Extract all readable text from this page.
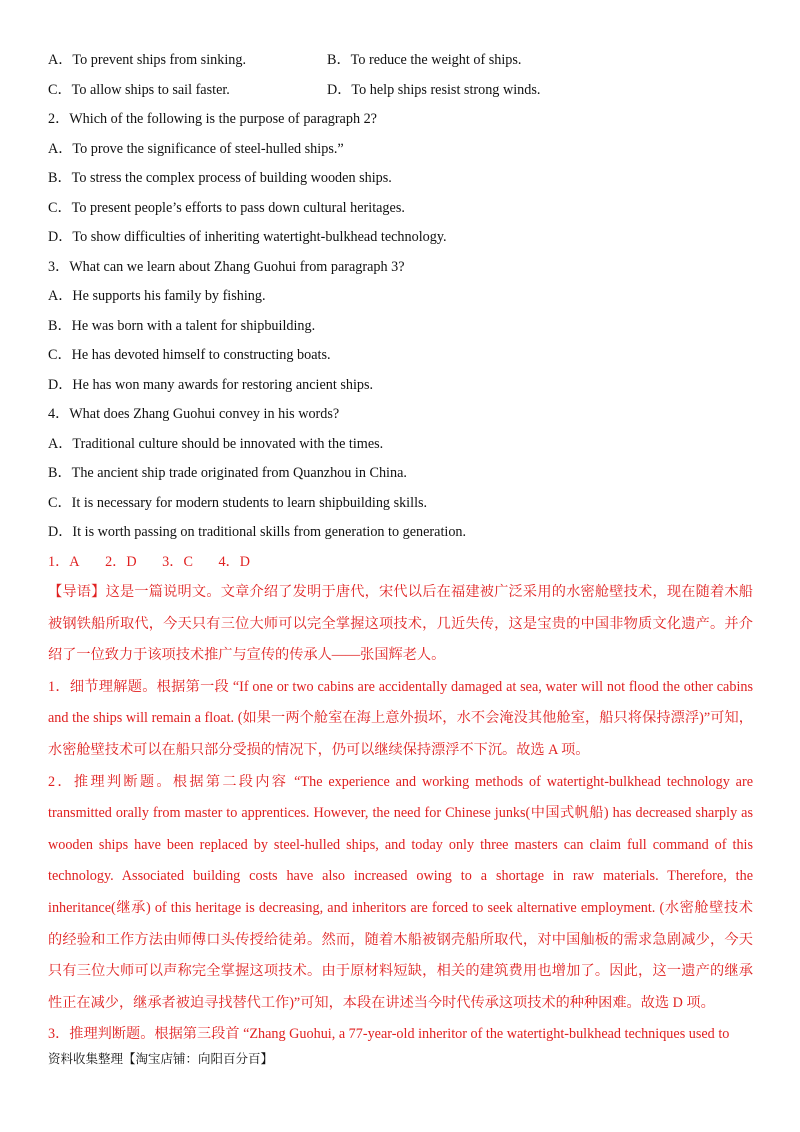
A．To prevent ships from sinking.	B．To reduce the weight of ships.
C．To allow ships to sail faster.	D．To help ships resist strong winds.
2．Which of the following is the purpose of paragraph 2?
A．To prove the significance of steel-hulled ships.”
B．To stress the complex process of building wooden ships.
C．To present people’s efforts to pass down cultural heritages.
D．To show difficulties of inheriting watertight-bulkhead technology.
3．What can we learn about Zhang Guohui from paragraph 3?
A．He supports his family by fishing.
B．He was born with a talent for shipbuilding.
C．He has devoted himself to constructing boats.
D．He has won many awards for restoring ancient ships.
4．What does Zhang Guohui convey in his words?
A．Traditional culture should be innovated with the times.
B．The ancient ship trade originated from Quanzhou in China.
C．It is necessary for modern students to learn shipbuilding skills.
D．It is worth passing on traditional skills from generation to generation.
1．A 2．D 3．C 4．D
【导语】这是一篇说明文。文章介绍了发明于唐代，宋代以后在福建被广泛采用的水密舱壁技术，现在随着木船被钢铁船所取代，今天只有三位大师可以完全掌握这项技术，几近失传，这是宝贵的中国非物质文化遗产。并介绍了一位致力于该项技术推广与宣传的传承人——张国辉老人。
1．细节理解题。根据第一段 “If one or two cabins are accidentally damaged at sea, water will not flood the other cabins and the ships will remain a float. (如果一两个舱室在海上意外损坏，水不会淹没其他舱室，船只将保持漂浮)”可知，水密舱壁技术可以在船只部分受损的情况下，仍可以继续保持漂浮不下沉。故选 A 项。
2．推理判断题。根据第二段内容 “The experience and working methods of watertight-bulkhead technology are transmitted orally from master to apprentices. However, the need for Chinese junks(中国式帆船) has decreased sharply as wooden ships have been replaced by steel-hulled ships, and today only three masters can claim full command of this technology. Associated building costs have also increased owing to a shortage in raw materials. Therefore, the inheritance(继承) of this heritage is decreasing, and inheritors are forced to seek alternative employment. (水密舱壁技术的经验和工作方法由师傅口头传授给徒弟。然而，随着木船被钢壳船所取代，对中国舢板的需求急剧减少，今天只有三位大师可以声称完全掌握这项技术。由于原材料短缺，相关的建筑费用也增加了。因此，这一遗产的继承性正在减少，继承者被迫寻找替代工作)”可知，本段在讲述当今时代传承这项技术的种种困难。故选 D 项。
3．推理判断题。根据第三段首 “Zhang Guohui, a 77-year-old inheritor of the watertight-bulkhead techniques used to
资料收集整理【淘宝店铺：向阳百分百】
